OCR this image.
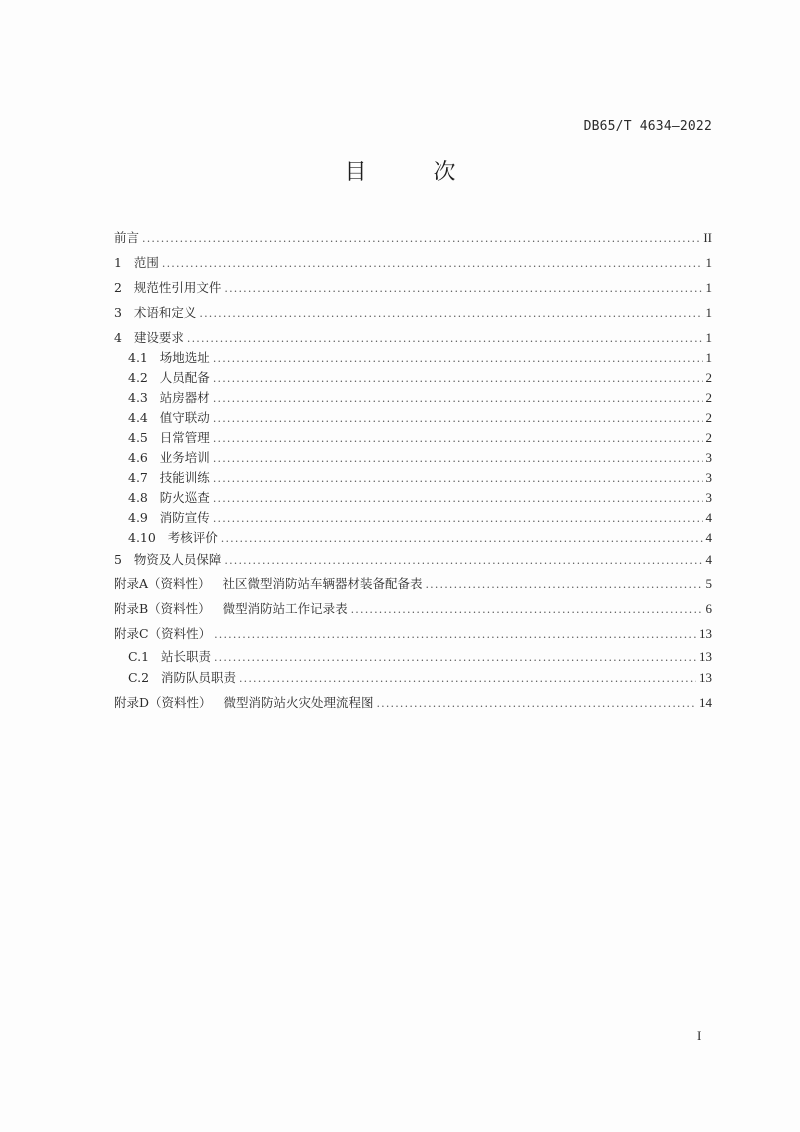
DB65/T 4634—2022
目 次
前言 .....	II
1   范围 .....	1
2   规范性引用文件 .....	1
3   术语和定义 .....	1
4   建设要求 .....	1
4.1   场地选址 .....	1
4.2   人员配备 .....	2
4.3   站房器材 .....	2
4.4   值守联动 .....	2
4.5   日常管理 .....	2
4.6   业务培训 .....	3
4.7   技能训练 .....	3
4.8   防火巡查 .....	3
4.9   消防宣传 .....	4
4.10   考核评价 .....	4
5   物资及人员保障 .....	4
附录A（资料性）   社区微型消防站车辆器材装备配备表 .....	5
附录B（资料性）   微型消防站工作记录表 .....	6
附录C（资料性） .....	13
C.1   站长职责 .....	13
C.2   消防队员职责 .....	13
附录D（资料性）   微型消防站火灾处理流程图 .....	14
I
